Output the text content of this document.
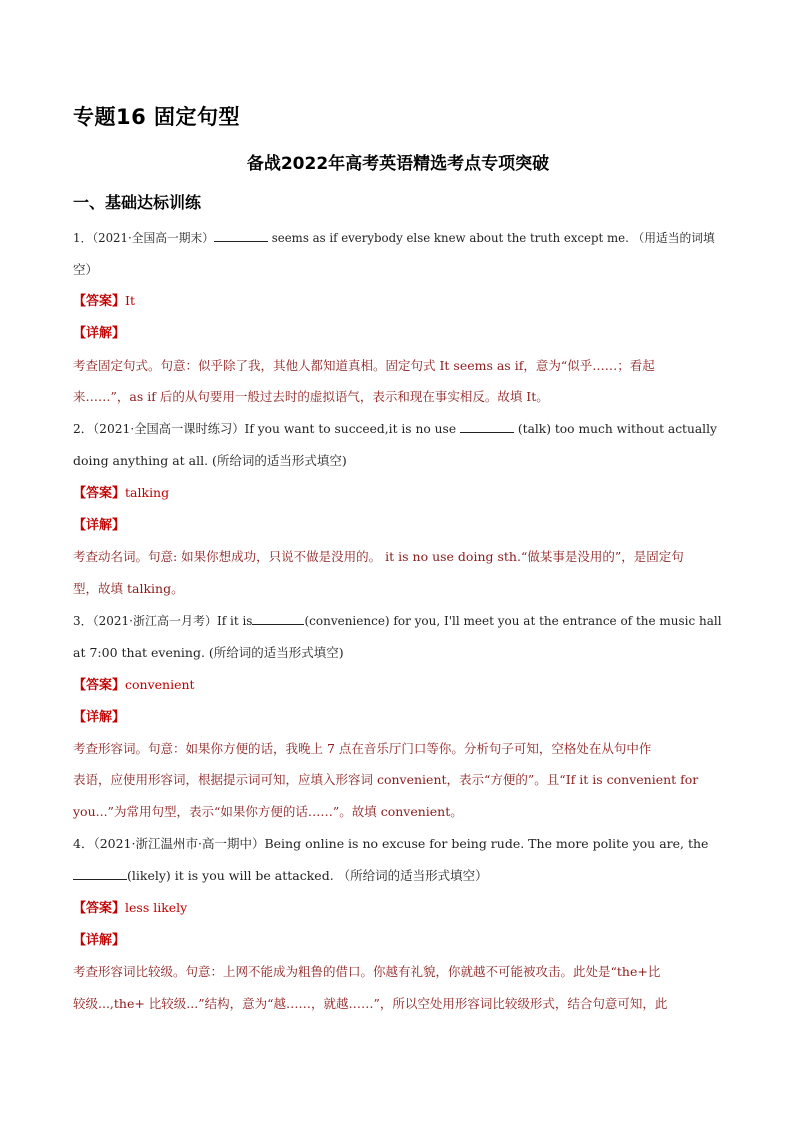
专题16 固定句型
备战2022年高考英语精选考点专项突破
一、基础达标训练
1．（2021·全国高一期末）	seems as if everybody else knew about the truth except me. （用适当的词填
空）
【答案】It
【详解】
考查固定句式。句意：似乎除了我，其他人都知道真相。固定句式 It seems as if，意为“似乎……；看起
来……”，as if 后的从句要用一般过去时的虚拟语气，表示和现在事实相反。故填 It。
2．（2021·全国高一课时练习）If you want to succeed,it is no use	(talk) too much without actually
doing anything at all. (所给词的适当形式填空)
【答案】talking
【详解】
考查动名词。句意: 如果你想成功，只说不做是没用的。 it is no use doing sth.“做某事是没用的”，是固定句
型，故填 talking。
3．（2021·浙江高一月考）If it is	(convenience) for you, I'll meet you at the entrance of the music hall
at 7:00 that evening. (所给词的适当形式填空)
【答案】convenient
【详解】
考查形容词。句意：如果你方便的话，我晚上 7 点在音乐厅门口等你。分析句子可知，空格处在从句中作
表语，应使用形容词，根据提示词可知，应填入形容词 convenient，表示“方便的”。且“If it is convenient for
you...”为常用句型，表示“如果你方便的话……”。故填 convenient。
4．（2021·浙江温州市·高一期中）Being online is no excuse for being rude. The more polite you are, the
(likely) it is you will be attacked. （所给词的适当形式填空）
【答案】less likely
【详解】
考查形容词比较级。句意：上网不能成为粗鲁的借口。你越有礼貌，你就越不可能被攻击。此处是“the+比
较级...,the+ 比较级...”结构，意为“越……，就越……”，所以空处用形容词比较级形式，结合句意可知，此
